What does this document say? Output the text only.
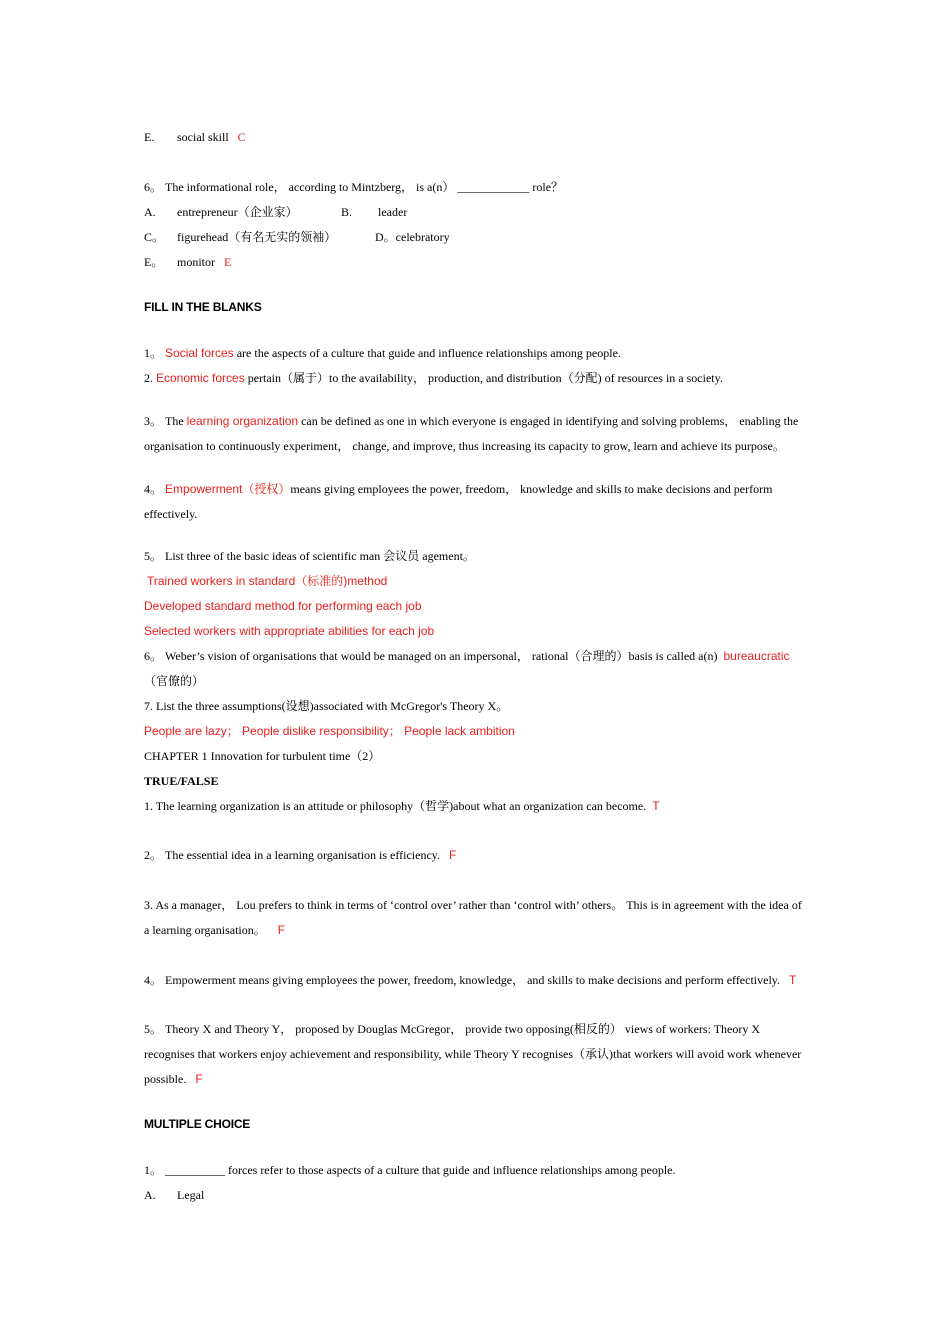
E. social skill C
6。 The informational role， according to Mintzberg， is a(n） ____________ role？
A. entrepreneur（企业家）	B. leader
C。 figurehead（有名无实的领袖）	D。celebratory
E。 monitor E
FILL IN THE BLANKS
1。 Social forces are the aspects of a culture that guide and influence relationships among people.
2. Economic forces pertain（属于）to the availability， production, and distribution（分配) of resources in a society.
3。 The learning organization can be defined as one in which everyone is engaged in identifying and solving problems， enabling the
organisation to continuously experiment， change, and improve, thus increasing its capacity to grow, learn and achieve its purpose。
4。 Empowerment（授权）means giving employees the power, freedom， knowledge and skills to make decisions and perform
effectively.
5。 List three of the basic ideas of scientific man 会议员 agement。
Trained workers in standard（标准的)method
Developed standard method for performing each job
Selected workers with appropriate abilities for each job
6。 Weber’s vision of organisations that would be managed on an impersonal， rational（合理的）basis is called a(n) bureaucratic
（官僚的）
7. List the three assumptions(设想)associated with McGregor's Theory X。
People are lazy； People dislike responsibility； People lack ambition
CHAPTER 1 Innovation for turbulent time（2）
TRUE/FALSE
1. The learning organization is an attitude or philosophy（哲学)about what an organization can become. T
2。 The essential idea in a learning organisation is efficiency. F
3. As a manager， Lou prefers to think in terms of ‘control over’ rather than ‘control with’ others。 This is in agreement with the idea of
a learning organisation。 F
4。 Empowerment means giving employees the power, freedom, knowledge， and skills to make decisions and perform effectively. T
5。 Theory X and Theory Y， proposed by Douglas McGregor， provide two opposing(相反的） views of workers: Theory X
recognises that workers enjoy achievement and responsibility, while Theory Y recognises（承认)that workers will avoid work whenever
possible. F
MULTIPLE CHOICE
1。 __________ forces refer to those aspects of a culture that guide and influence relationships among people.
A. Legal
